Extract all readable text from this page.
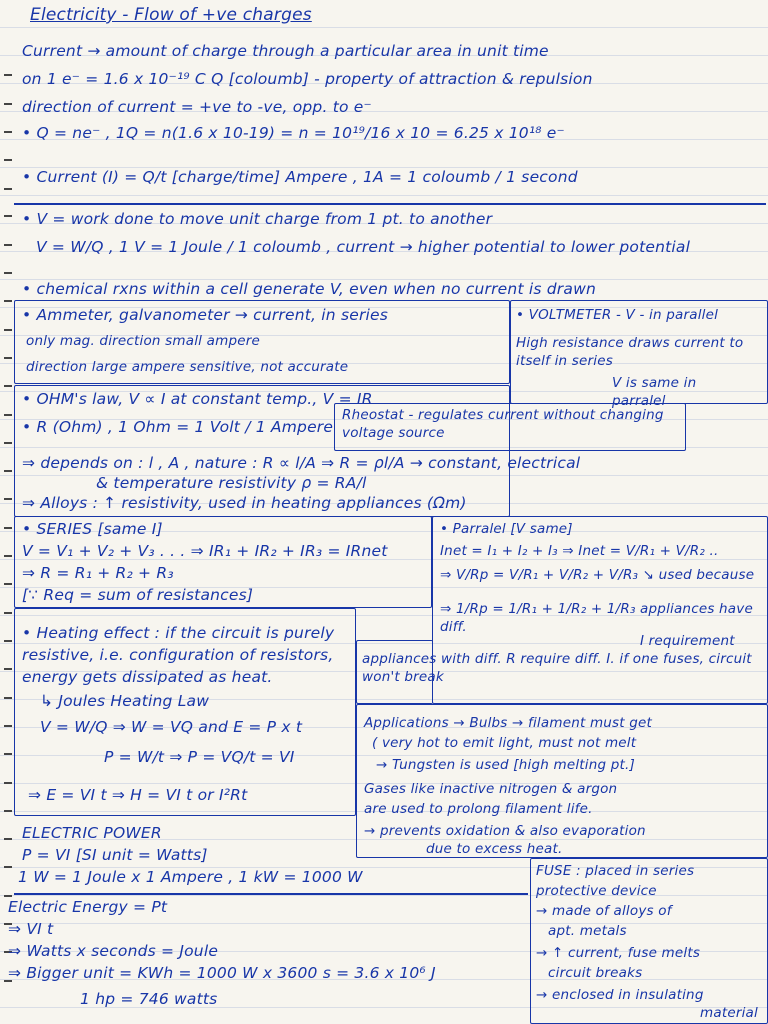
Electricity - Flow of +ve charges
Current → amount of charge through a particular area in unit time
on 1 e⁻ = 1.6 x 10⁻¹⁹ C Q [coloumb] - property of attraction & repulsion
direction of current = +ve to -ve, opp. to e⁻
• Q = ne⁻ , 1Q = n(1.6 x 10-19) = n = 10¹⁹/16 x 10 = 6.25 x 10¹⁸ e⁻
• Current (I) = Q/t [charge/time] Ampere , 1A = 1 coloumb / 1 second
• V = work done to move unit charge from 1 pt. to another
V = W/Q , 1 V = 1 Joule / 1 coloumb , current → higher potential to lower potential
• chemical rxns within a cell generate V, even when no current is drawn
• Ammeter, galvanometer → current, in series
only mag. direction small ampere
direction large ampere sensitive, not accurate
• VOLTMETER - V - in parallel
High resistance draws current to itself in series
V is same in parralel
• OHM's law, V ∝ I at constant temp., V = IR
• R (Ohm) , 1 Ohm = 1 Volt / 1 Ampere
Rheostat - regulates current without changing voltage source
⇒ depends on : l , A , nature : R ∝ l/A ⇒ R = ρl/A → constant, electrical
& temperature resistivity ρ = RA/l
⇒ Alloys : ↑ resistivity, used in heating appliances (Ωm)
• SERIES [same I]
V = V₁ + V₂ + V₃ . . . ⇒ IR₁ + IR₂ + IR₃ = IRnet
⇒ R = R₁ + R₂ + R₃
[∵ Req = sum of resistances]
• Parralel [V same]
Inet = I₁ + I₂ + I₃ ⇒ Inet = V/R₁ + V/R₂ ..
⇒ V/Rp = V/R₁ + V/R₂ + V/R₃ ↘ used because
⇒ 1/Rp = 1/R₁ + 1/R₂ + 1/R₃ appliances have diff.
I requirement
appliances with diff. R require diff. I. if one fuses, circuit won't break
• Heating effect : if the circuit is purely
resistive, i.e. configuration of resistors,
energy gets dissipated as heat.
↳ Joules Heating Law
V = W/Q ⇒ W = VQ and E = P x t
P = W/t ⇒ P = VQ/t = VI
⇒ E = VI t ⇒ H = VI t or I²Rt
Applications → Bulbs → filament must get
( very hot to emit light, must not melt
→ Tungsten is used [high melting pt.]
Gases like inactive nitrogen & argon
are used to prolong filament life.
→ prevents oxidation & also evaporation
due to excess heat.
ELECTRIC POWER
P = VI [SI unit = Watts]
1 W = 1 Joule x 1 Ampere , 1 kW = 1000 W
Electric Energy = Pt
⇒ VI t
⇒ Watts x seconds = Joule
⇒ Bigger unit = KWh = 1000 W x 3600 s = 3.6 x 10⁶ J
1 hp = 746 watts
FUSE : placed in series
protective device
→ made of alloys of
apt. metals
→ ↑ current, fuse melts
circuit breaks
→ enclosed in insulating
material
